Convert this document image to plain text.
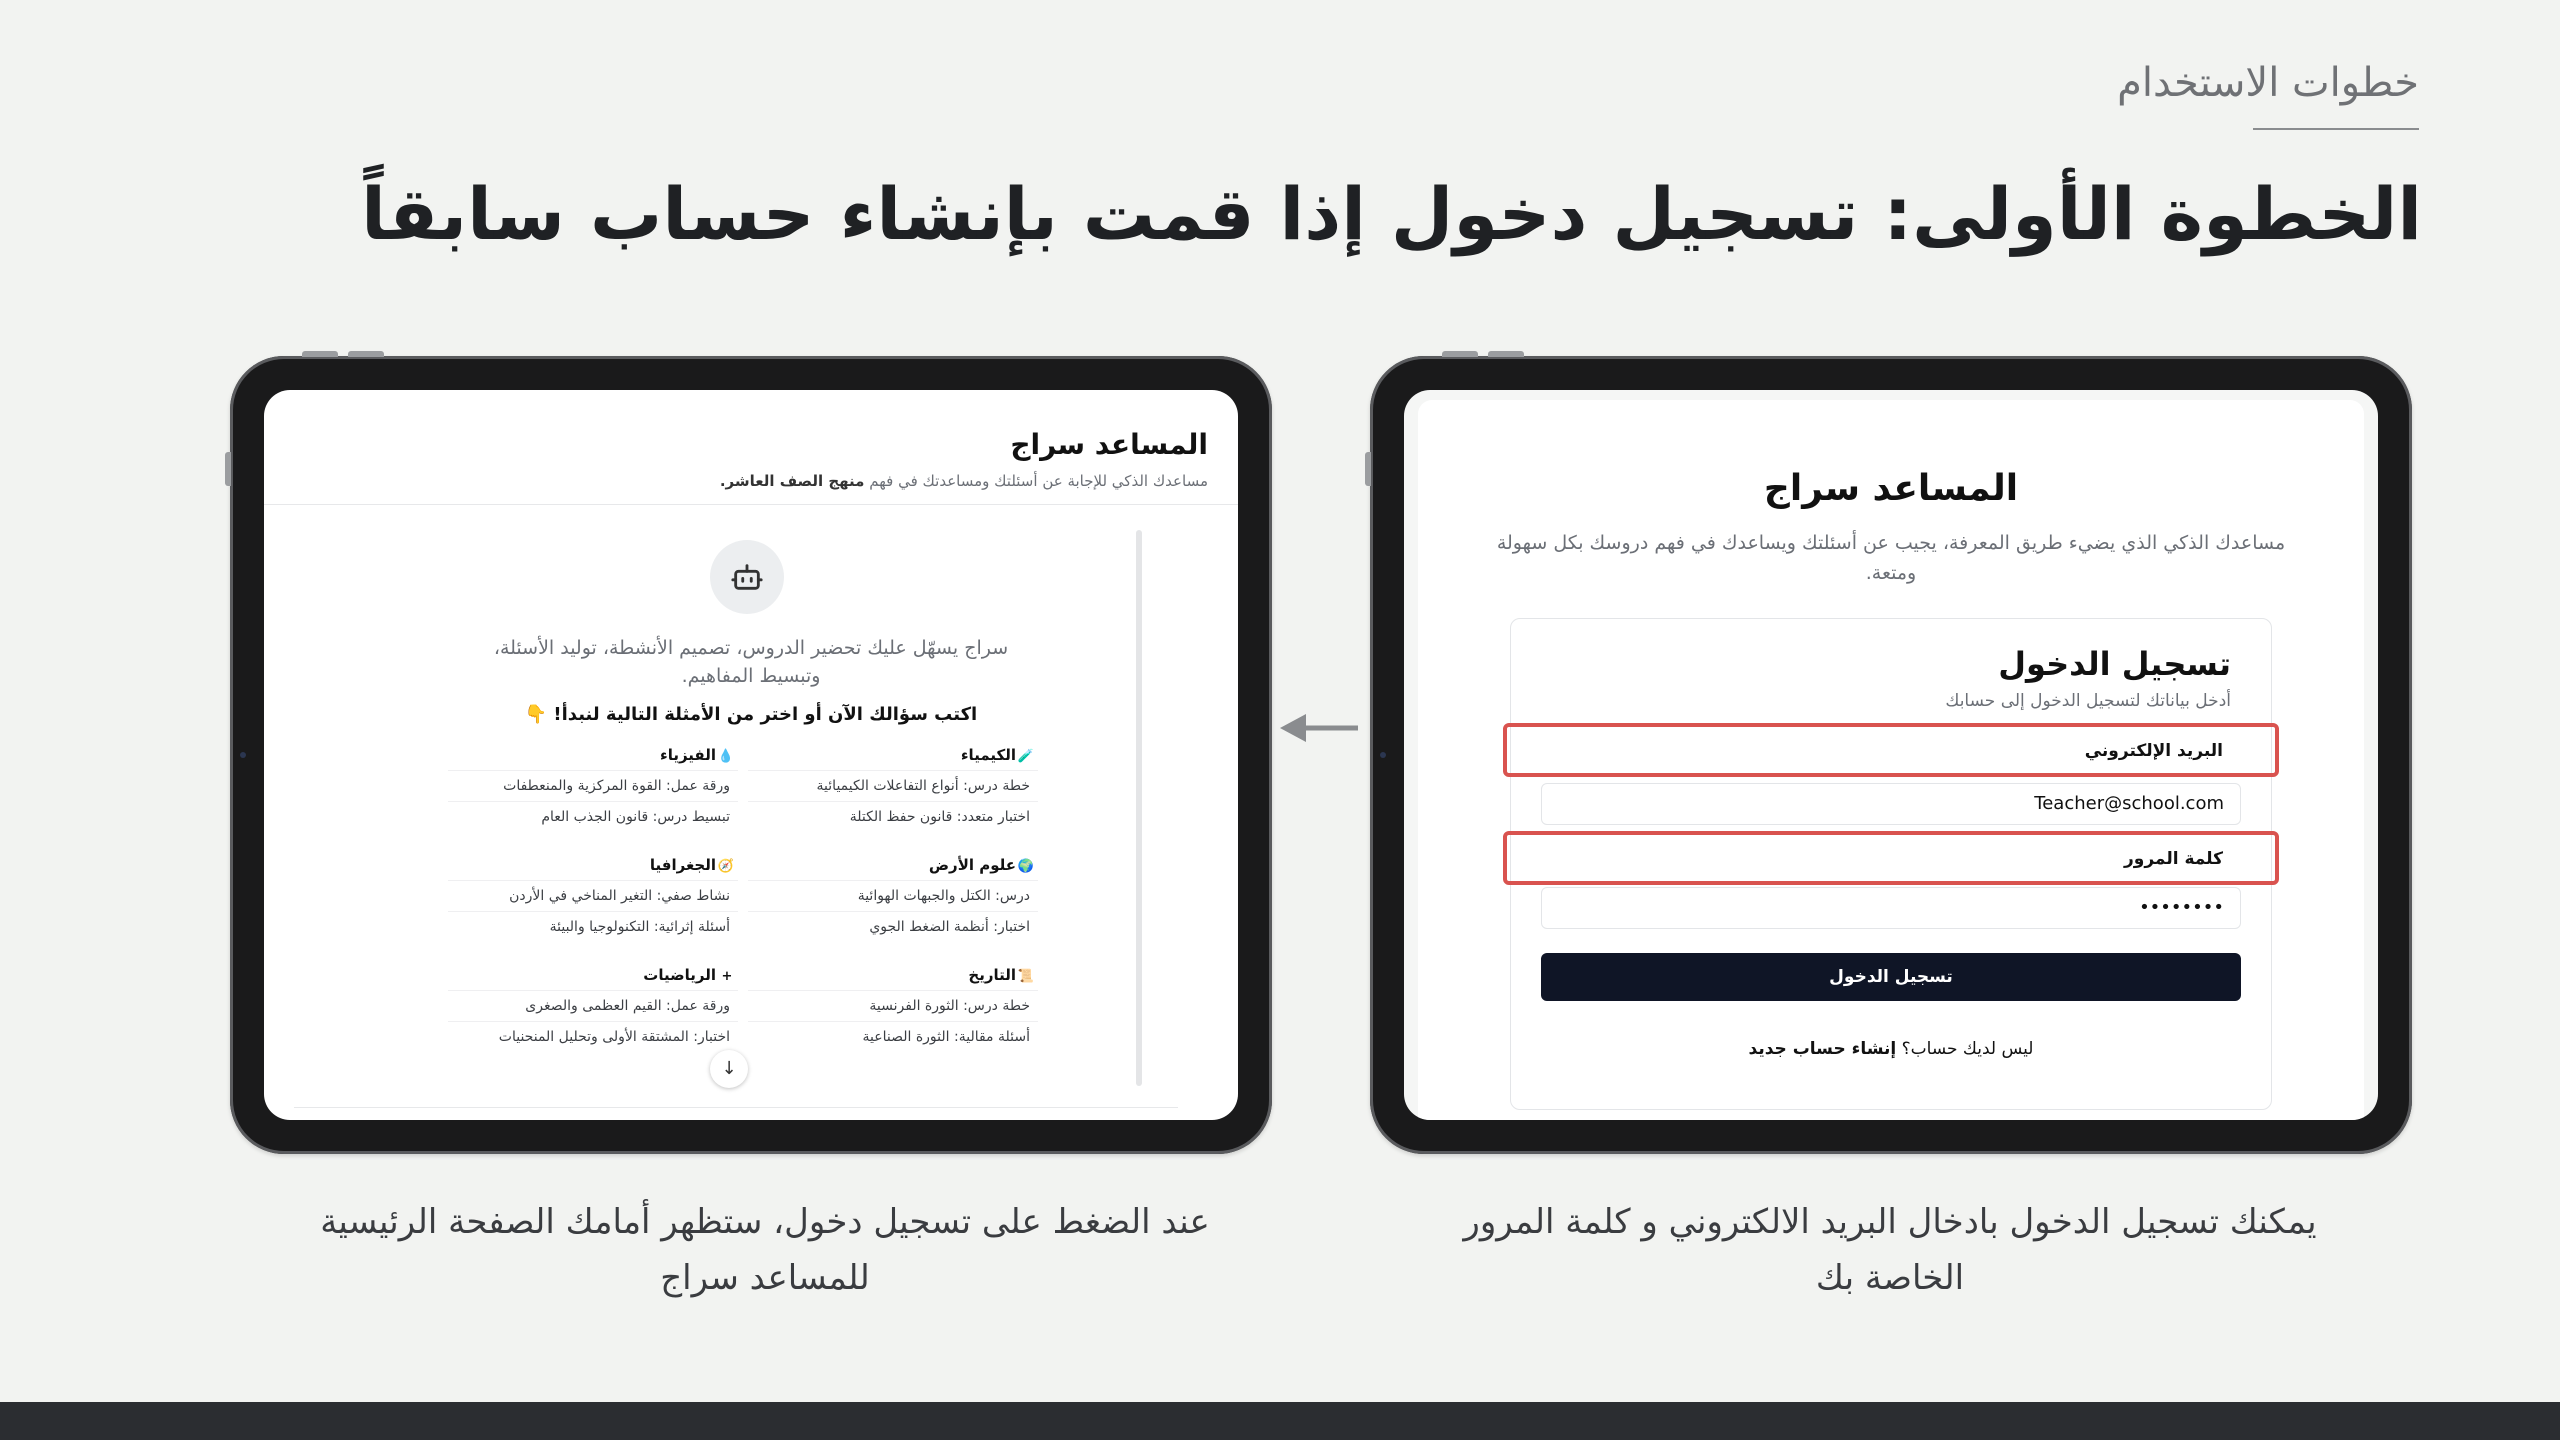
خطوات الاستخدام
الخطوة الأولى: تسجيل دخول إذا قمت بإنشاء حساب سابقاً
المساعد سراج
مساعدك الذكي للإجابة عن أسئلتك ومساعدتك في فهم منهج الصف العاشر.
سراج يسهّل عليك تحضير الدروس، تصميم الأنشطة، توليد الأسئلة، وتبسيط المفاهيم.
اكتب سؤالك الآن أو اختر من الأمثلة التالية لنبدأ! 👇
🧪الكيمياء
خطة درس: أنواع التفاعلات الكيميائية
اختبار متعدد: قانون حفظ الكتلة
💧الفيزياء
ورقة عمل: القوة المركزية والمنعطفات
تبسيط درس: قانون الجذب العام
🌍علوم الأرض
درس: الكتل والجبهات الهوائية
اختبار: أنظمة الضغط الجوي
🧭الجغرافيا
نشاط صفي: التغير المناخي في الأردن
أسئلة إثرائية: التكنولوجيا والبيئة
📜التاريخ
خطة درس: الثورة الفرنسية
أسئلة مقالية: الثورة الصناعية
+الرياضيات
ورقة عمل: القيم العظمى والصغرى
اختبار: المشتقة الأولى وتحليل المنحنيات
↓
المساعد سراج
مساعدك الذكي الذي يضيء طريق المعرفة، يجيب عن أسئلتك ويساعدك في فهم دروسك بكل سهولة ومتعة.
تسجيل الدخول
أدخل بياناتك لتسجيل الدخول إلى حسابك
البريد الإلكتروني
Teacher@school.com
كلمة المرور
••••••••
تسجيل الدخول
ليس لديك حساب؟ إنشاء حساب جديد
عند الضغط على تسجيل دخول، ستظهر أمامك الصفحة الرئيسية للمساعد سراج
يمكنك تسجيل الدخول بادخال البريد الالكتروني و كلمة المرور الخاصة بك
